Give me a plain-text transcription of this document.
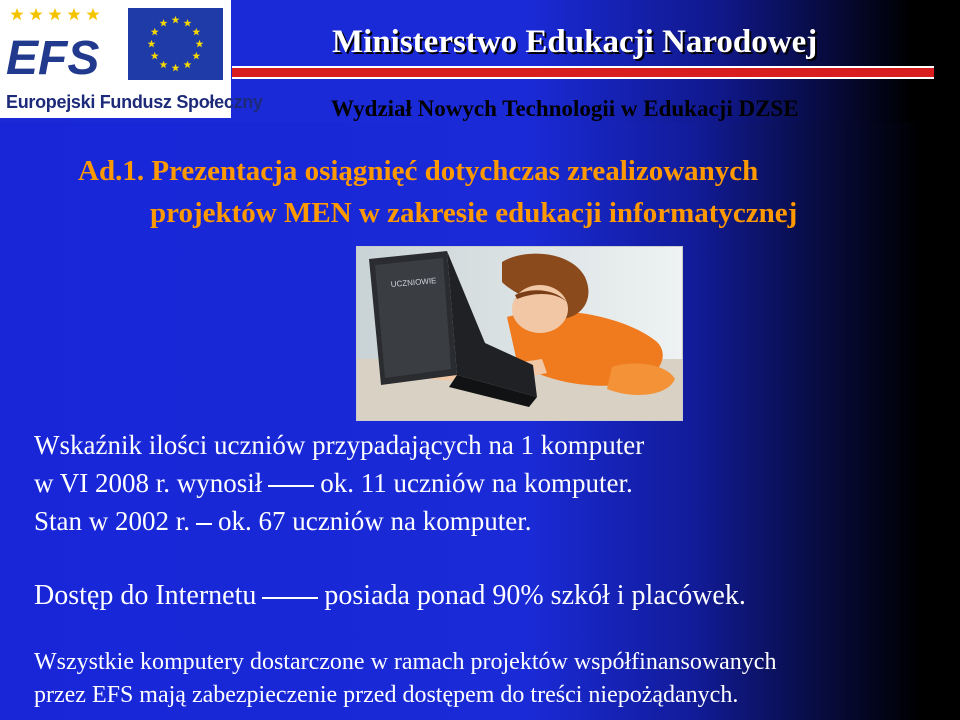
EFS
Europejski Fundusz Społeczny
Ministerstwo Edukacji Narodowej
Wydział Nowych Technologii w Edukacji DZSE
Ad.1. Prezentacja osiągnięć dotychczas zrealizowanych
projektów MEN w zakresie edukacji informatycznej
UCZNIOWIE
Wskaźnik ilości uczniów przypadających na 1 komputer
w VI 2008 r. wynosił ok. 11 uczniów na komputer.
Stan w 2002 r. ok. 67 uczniów na komputer.
Dostęp do Internetu posiada ponad 90% szkół i placówek.
Wszystkie komputery dostarczone w ramach projektów współfinansowanych
przez EFS mają zabezpieczenie przed dostępem do treści niepożądanych.
